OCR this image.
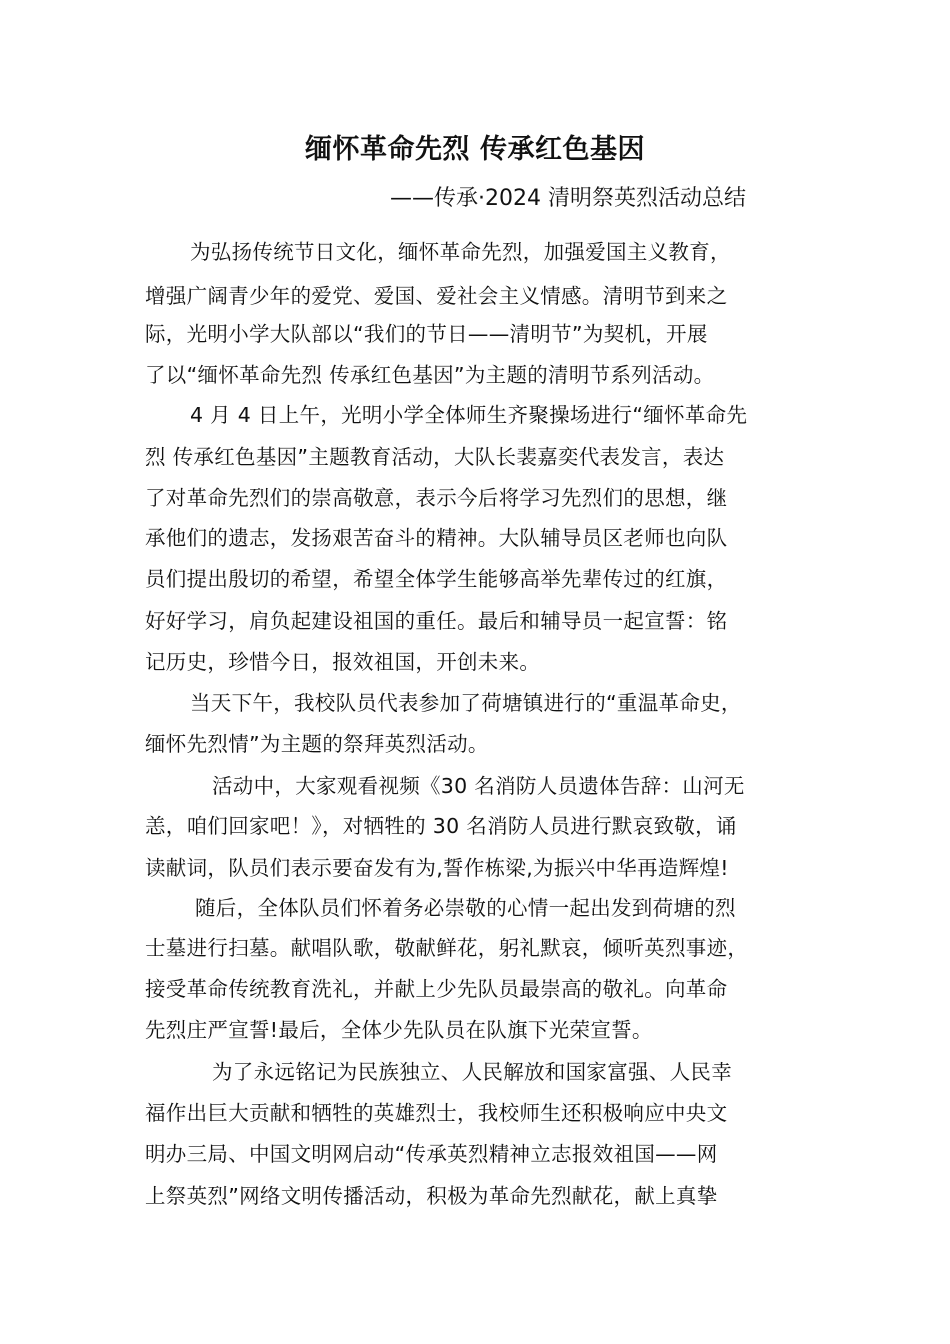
缅怀革命先烈 传承红色基因
——传承·2024 清明祭英烈活动总结
为弘扬传统节日文化，缅怀革命先烈，加强爱国主义教育，
增强广阔青少年的爱党、爱国、爱社会主义情感。清明节到来之
际，光明小学大队部以“我们的节日——清明节”为契机，开展
了以“缅怀革命先烈 传承红色基因”为主题的清明节系列活动。
4 月 4 日上午，光明小学全体师生齐聚操场进行“缅怀革命先
烈 传承红色基因”主题教育活动，大队长裴嘉奕代表发言，表达
了对革命先烈们的崇高敬意，表示今后将学习先烈们的思想，继
承他们的遗志，发扬艰苦奋斗的精神。大队辅导员区老师也向队
员们提出殷切的希望，希望全体学生能够高举先辈传过的红旗，
好好学习，肩负起建设祖国的重任。最后和辅导员一起宣誓：铭
记历史，珍惜今日，报效祖国，开创未来。
当天下午，我校队员代表参加了荷塘镇进行的“重温革命史，
缅怀先烈情”为主题的祭拜英烈活动。
活动中，大家观看视频《30 名消防人员遗体告辞：山河无
恙，咱们回家吧！》，对牺牲的 30 名消防人员进行默哀致敬，诵
读献词，队员们表示要奋发有为,誓作栋梁,为振兴中华再造辉煌!
随后，全体队员们怀着务必崇敬的心情一起出发到荷塘的烈
士墓进行扫墓。献唱队歌，敬献鲜花，躬礼默哀，倾听英烈事迹，
接受革命传统教育洗礼，并献上少先队员最崇高的敬礼。向革命
先烈庄严宣誓!最后，全体少先队员在队旗下光荣宣誓。
为了永远铭记为民族独立、人民解放和国家富强、人民幸
福作出巨大贡献和牺牲的英雄烈士，我校师生还积极响应中央文
明办三局、中国文明网启动“传承英烈精神立志报效祖国——网
上祭英烈”网络文明传播活动，积极为革命先烈献花，献上真挚
